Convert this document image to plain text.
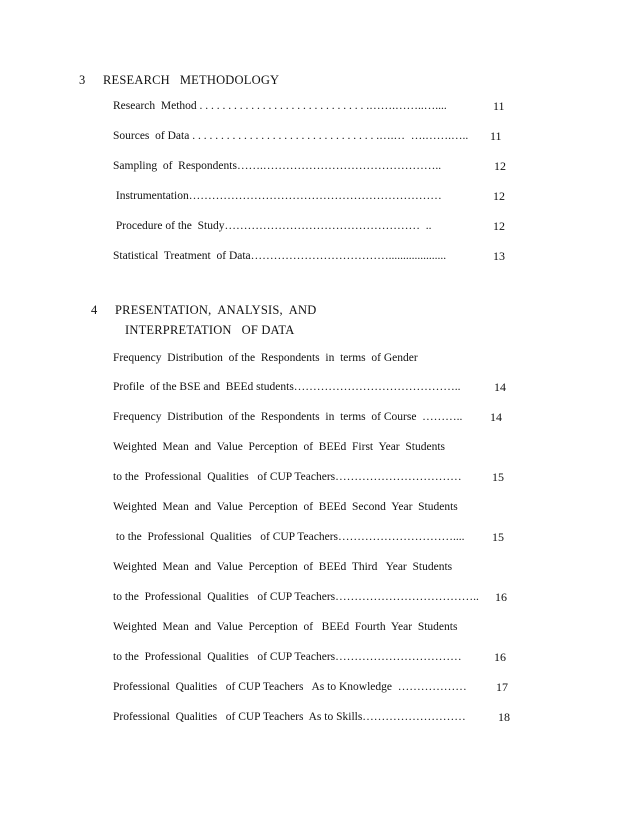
3 RESEARCH   METHODOLOGY
Research  Method . . . . . . . . . . . . . . . . . . . . . . . . . . . . . .…….……..…....	11
Sources  of Data . . . . . . . . . . . . . . . . . . . . . . . . . . . . . . . . .….…  ….…….….. 11
Sampling  of  Respondents…….………………………………………..	12
Instrumentation…………………………………………………………	12
Procedure of the  Study……………………………………………  ..	12
Statistical  Treatment  of Data………………………………....................	13
4 PRESENTATION,  ANALYSIS,  AND
INTERPRETATION   OF DATA
Frequency  Distribution  of the  Respondents  in  terms  of Gender
Profile  of the BSE and  BEEd students……………………………………..	14
Frequency  Distribution  of the  Respondents  in  terms  of Course  ……….. 14
Weighted  Mean  and  Value  Perception  of  BEEd  First  Year  Students
to the  Professional  Qualities   of CUP Teachers……………………………	15
Weighted  Mean  and  Value  Perception  of  BEEd  Second  Year  Students
to the  Professional  Qualities   of CUP Teachers………………………….... 15
Weighted  Mean  and  Value  Perception  of  BEEd  Third   Year  Students
to the  Professional  Qualities   of CUP Teachers……………………………….. 16
Weighted  Mean  and  Value  Perception  of   BEEd  Fourth  Year  Students
to the  Professional  Qualities   of CUP Teachers……………………………	16
Professional  Qualities   of CUP Teachers   As to Knowledge  ……………… 17
Professional  Qualities   of CUP Teachers  As to Skills………………………	18
